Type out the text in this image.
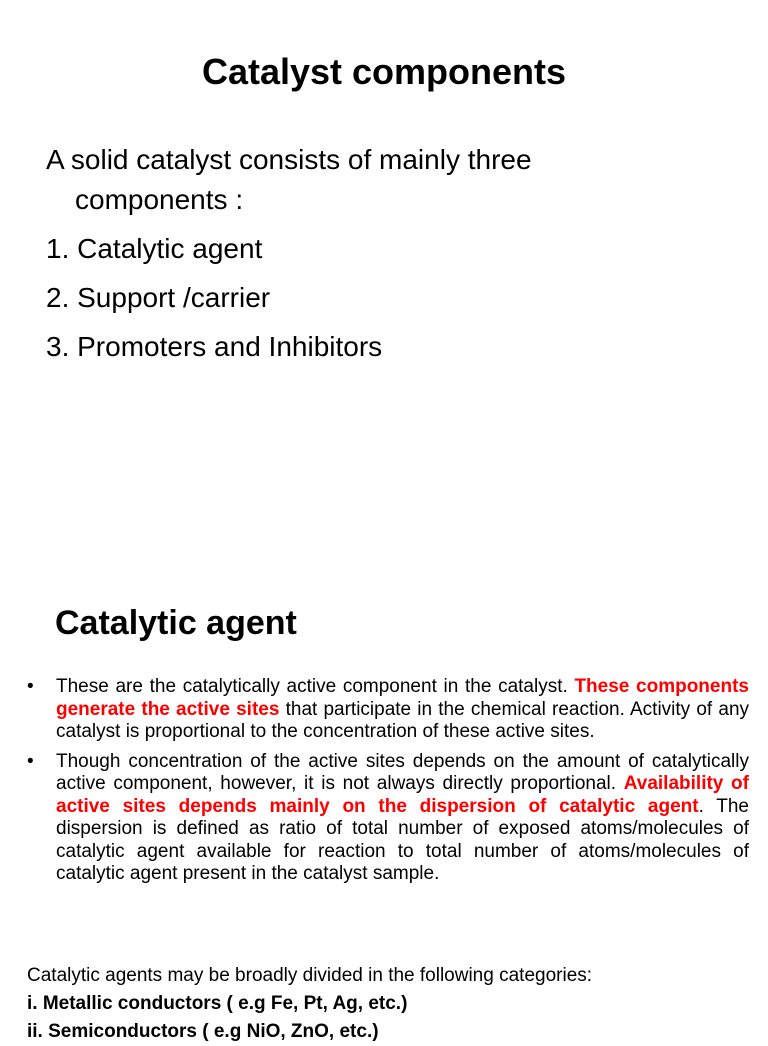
Catalyst components
A solid catalyst consists of mainly three
components :
1. Catalytic agent
2. Support /carrier
3. Promoters and Inhibitors
Catalytic agent
• These are the catalytically active component in the catalyst. These components generate the active sites that participate in the chemical reaction. Activity of any catalyst is proportional to the concentration of these active sites.
• Though concentration of the active sites depends on the amount of catalytically active component, however, it is not always directly proportional. Availability of active sites depends mainly on the dispersion of catalytic agent. The dispersion is defined as ratio of total number of exposed atoms/molecules of catalytic agent available for reaction to total number of atoms/molecules of catalytic agent present in the catalyst sample.
Catalytic agents may be broadly divided in the following categories:
i. Metallic conductors ( e.g Fe, Pt, Ag, etc.)
ii. Semiconductors ( e.g NiO, ZnO, etc.)
